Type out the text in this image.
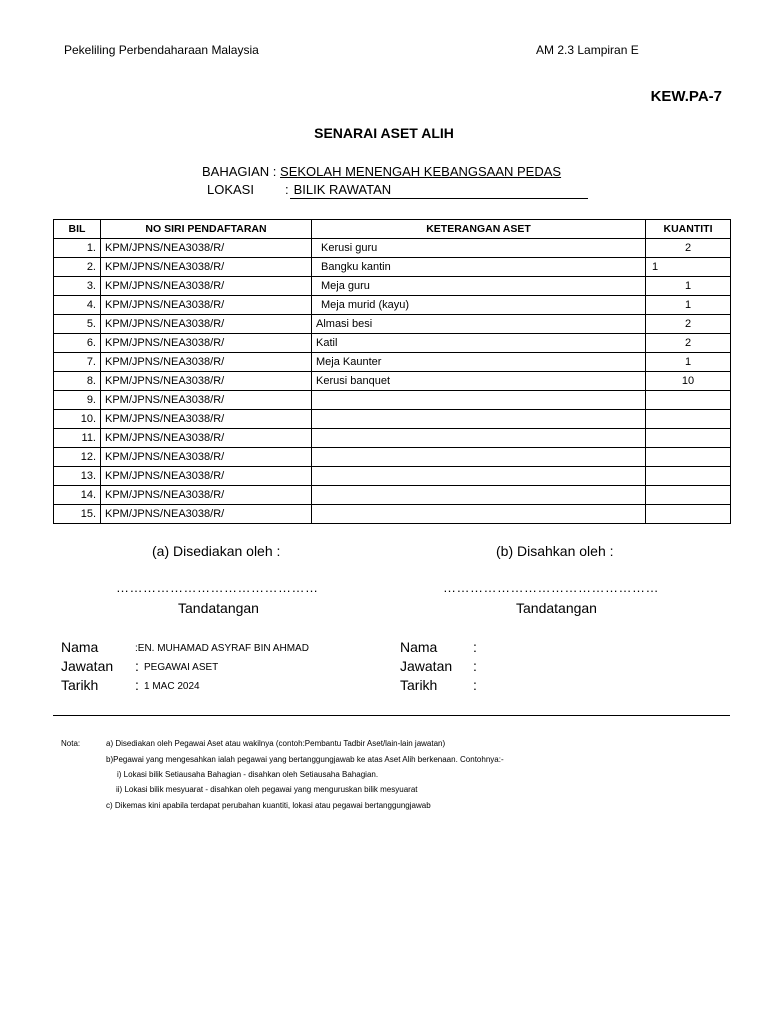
Pekeliling Perbendaharaan Malaysia	AM 2.3 Lampiran E
KEW.PA-7
SENARAI ASET ALIH
BAHAGIAN : SEKOLAH MENENGAH KEBANGSAAN PEDAS
LOKASI : BILIK RAWATAN
BIL	NO SIRI PENDAFTARAN	KETERANGAN ASET	KUANTITI
1.	KPM/JPNS/NEA3038/R/	Kerusi guru	2
2.	KPM/JPNS/NEA3038/R/	Bangku kantin	1
3.	KPM/JPNS/NEA3038/R/	Meja guru	1
4.	KPM/JPNS/NEA3038/R/	Meja murid (kayu)	1
5.	KPM/JPNS/NEA3038/R/	Almasi besi	2
6.	KPM/JPNS/NEA3038/R/	Katil	2
7.	KPM/JPNS/NEA3038/R/	Meja Kaunter	1
8.	KPM/JPNS/NEA3038/R/	Kerusi banquet	10
9.	KPM/JPNS/NEA3038/R/		
10.	KPM/JPNS/NEA3038/R/		
11.	KPM/JPNS/NEA3038/R/		
12.	KPM/JPNS/NEA3038/R/		
13.	KPM/JPNS/NEA3038/R/		
14.	KPM/JPNS/NEA3038/R/		
15.	KPM/JPNS/NEA3038/R/		
(a) Disediakan oleh :	(b) Disahkan oleh :
………………………………………	…………………………………………
Tandatangan	Tandatangan
Nama	:EN. MUHAMAD ASYRAF BIN AHMAD
Jawatan : PEGAWAI ASET
Tarikh	: 1 MAC 2024
Nama	:
Jawatan :
Tarikh	:
Nota:	a) Disediakan oleh Pegawai Aset atau wakilnya (contoh:Pembantu Tadbir Aset/lain-lain jawatan)
b)Pegawai yang mengesahkan ialah pegawai yang bertanggungjawab ke atas Aset Alih berkenaan. Contohnya:-
i) Lokasi bilik Setiausaha Bahagian - disahkan oleh Setiausaha Bahagian.
ii) Lokasi bilik mesyuarat - disahkan oleh pegawai yang menguruskan bilik mesyuarat
c) Dikemas kini apabila terdapat perubahan kuantiti, lokasi atau pegawai bertanggungjawab
